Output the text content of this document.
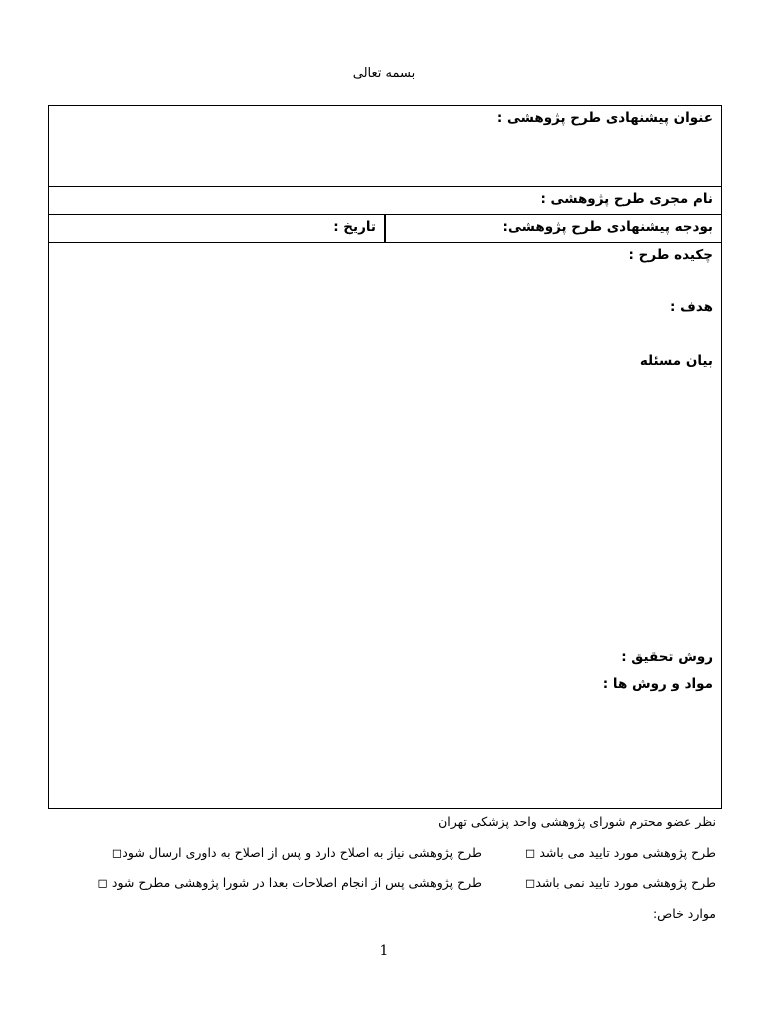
بسمه تعالی
عنوان پیشنهادی طرح پژوهشی :
نام مجری طرح پژوهشی :
بودجه پیشنهادی طرح پژوهشی:
تاریخ :
چکیده طرح :
هدف :
بیان مسئله
روش تحقیق :
مواد و روش ها :
نظر عضو محترم شورای پژوهشی واحد پزشکی تهران
طرح پژوهشی مورد تایید می باشد ◻
طرح پژوهشی نیاز به اصلاح دارد و پس از اصلاح به داوری ارسال شود◻
طرح پژوهشی مورد تایید نمی باشد◻
طرح پژوهشی پس از انجام اصلاحات بعدا در شورا پژوهشی مطرح شود ◻
موارد خاص:
1
